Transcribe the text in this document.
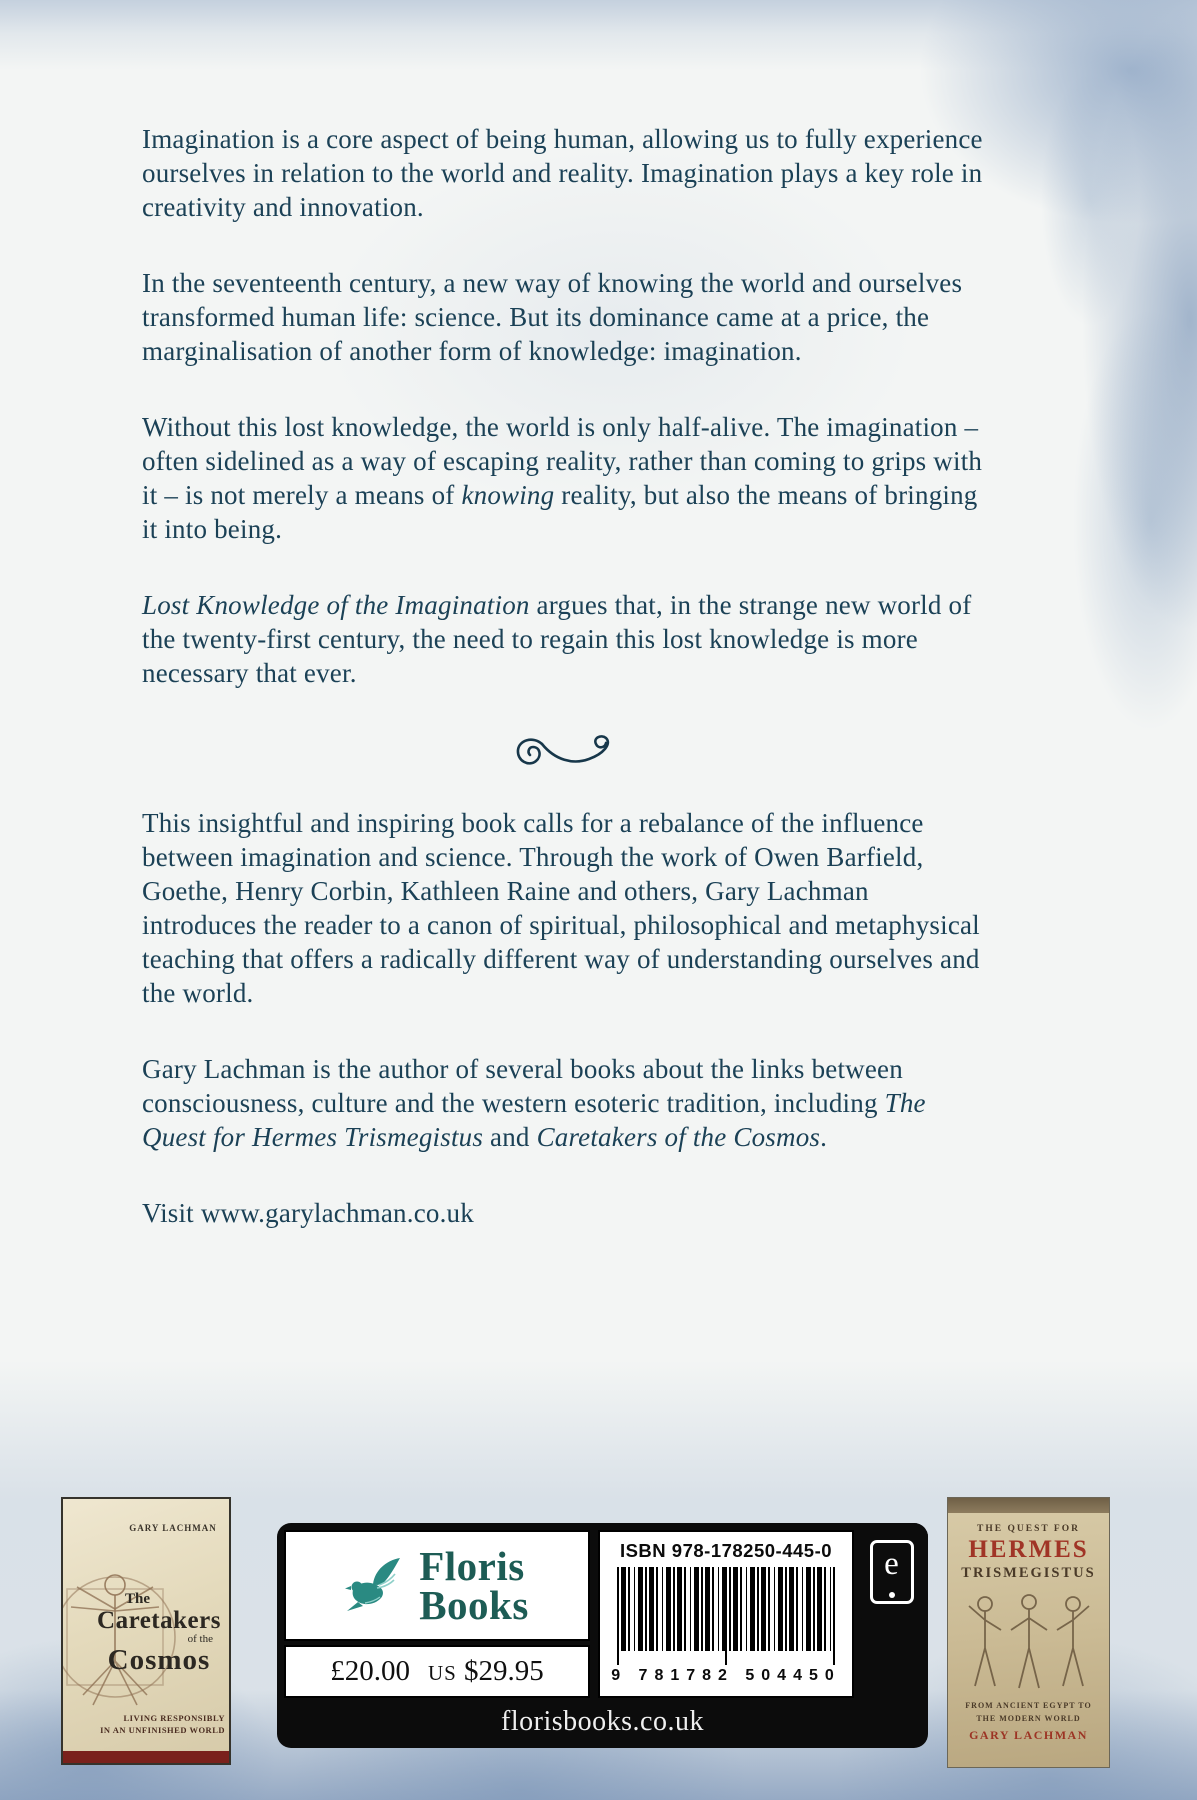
Imagination is a core aspect of being human, allowing us to fully experience ourselves in relation to the world and reality. Imagination plays a key role in creativity and innovation.

In the seventeenth century, a new way of knowing the world and ourselves transformed human life: science. But its dominance came at a price, the marginalisation of another form of knowledge: imagination.

Without this lost knowledge, the world is only half-alive. The imagination – often sidelined as a way of escaping reality, rather than coming to grips with it – is not merely a means of knowing reality, but also the means of bringing it into being.

Lost Knowledge of the Imagination argues that, in the strange new world of the twenty-first century, the need to regain this lost knowledge is more necessary that ever.

This insightful and inspiring book calls for a rebalance of the influence between imagination and science. Through the work of Owen Barfield, Goethe, Henry Corbin, Kathleen Raine and others, Gary Lachman introduces the reader to a canon of spiritual, philosophical and metaphysical teaching that offers a radically different way of understanding ourselves and the world.

Gary Lachman is the author of several books about the links between consciousness, culture and the western esoteric tradition, including The Quest for Hermes Trismegistus and Caretakers of the Cosmos.

Visit www.garylachman.co.uk

GARY LACHMAN
The
Caretakers
of the
Cosmos
LIVING RESPONSIBLY
IN AN UNFINISHED WORLD
Floris
Books
£20.00 US $29.95
ISBN 978-178250-445-0
9 781782 504450
e
florisbooks.co.uk
THE QUEST FOR
HERMES
TRISMEGISTUS
FROM ANCIENT EGYPT TO
THE MODERN WORLD
GARY LACHMAN
